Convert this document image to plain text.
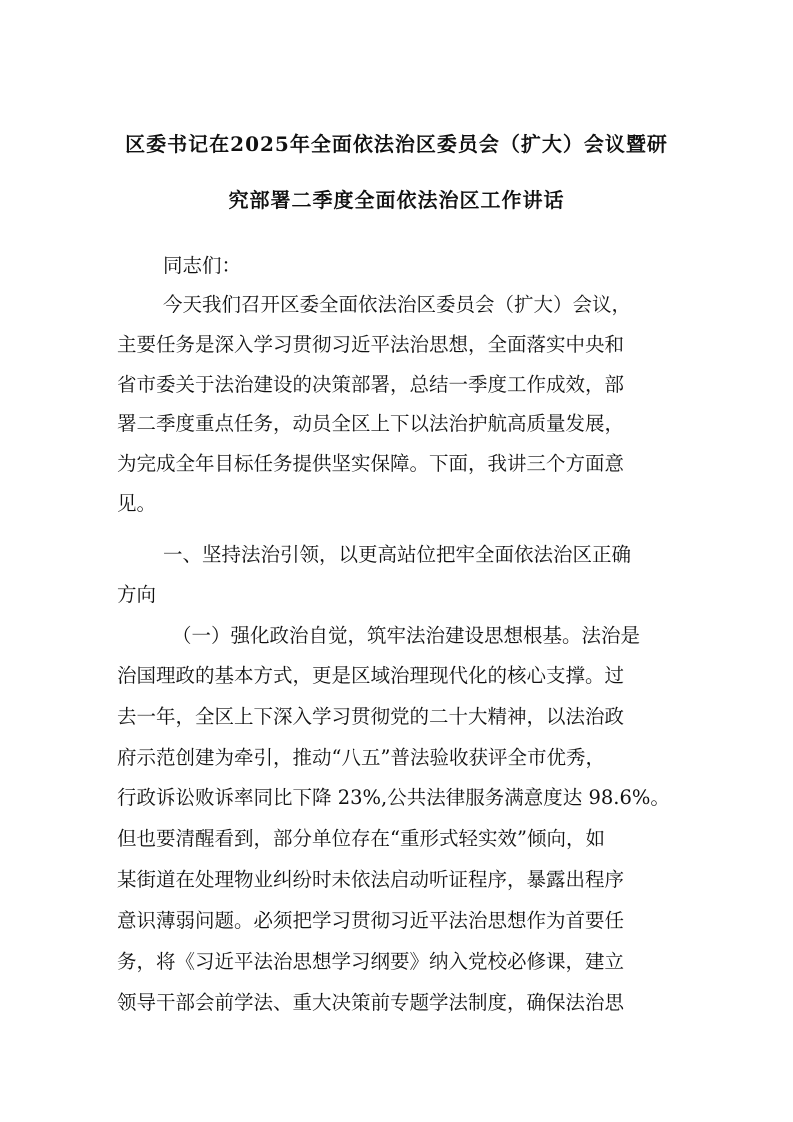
区委书记在2025年全面依法治区委员会（扩大）会议暨研
究部署二季度全面依法治区工作讲话

同志们：

今天我们召开区委全面依法治区委员会（扩大）会议，

主要任务是深入学习贯彻习近平法治思想，全面落实中央和

省市委关于法治建设的决策部署，总结一季度工作成效，部

署二季度重点任务，动员全区上下以法治护航高质量发展，

为完成全年目标任务提供坚实保障。下面，我讲三个方面意

见。

一、坚持法治引领，以更高站位把牢全面依法治区正确

方向

（一）强化政治自觉，筑牢法治建设思想根基。法治是

治国理政的基本方式，更是区域治理现代化的核心支撑。过

去一年，全区上下深入学习贯彻党的二十大精神，以法治政

府示范创建为牵引，推动“八五”普法验收获评全市优秀，

行政诉讼败诉率同比下降 23%,公共法律服务满意度达 98.6%。

但也要清醒看到，部分单位存在“重形式轻实效”倾向，如

某街道在处理物业纠纷时未依法启动听证程序，暴露出程序

意识薄弱问题。必须把学习贯彻习近平法治思想作为首要任

务，将《习近平法治思想学习纲要》纳入党校必修课，建立

领导干部会前学法、重大决策前专题学法制度，确保法治思
